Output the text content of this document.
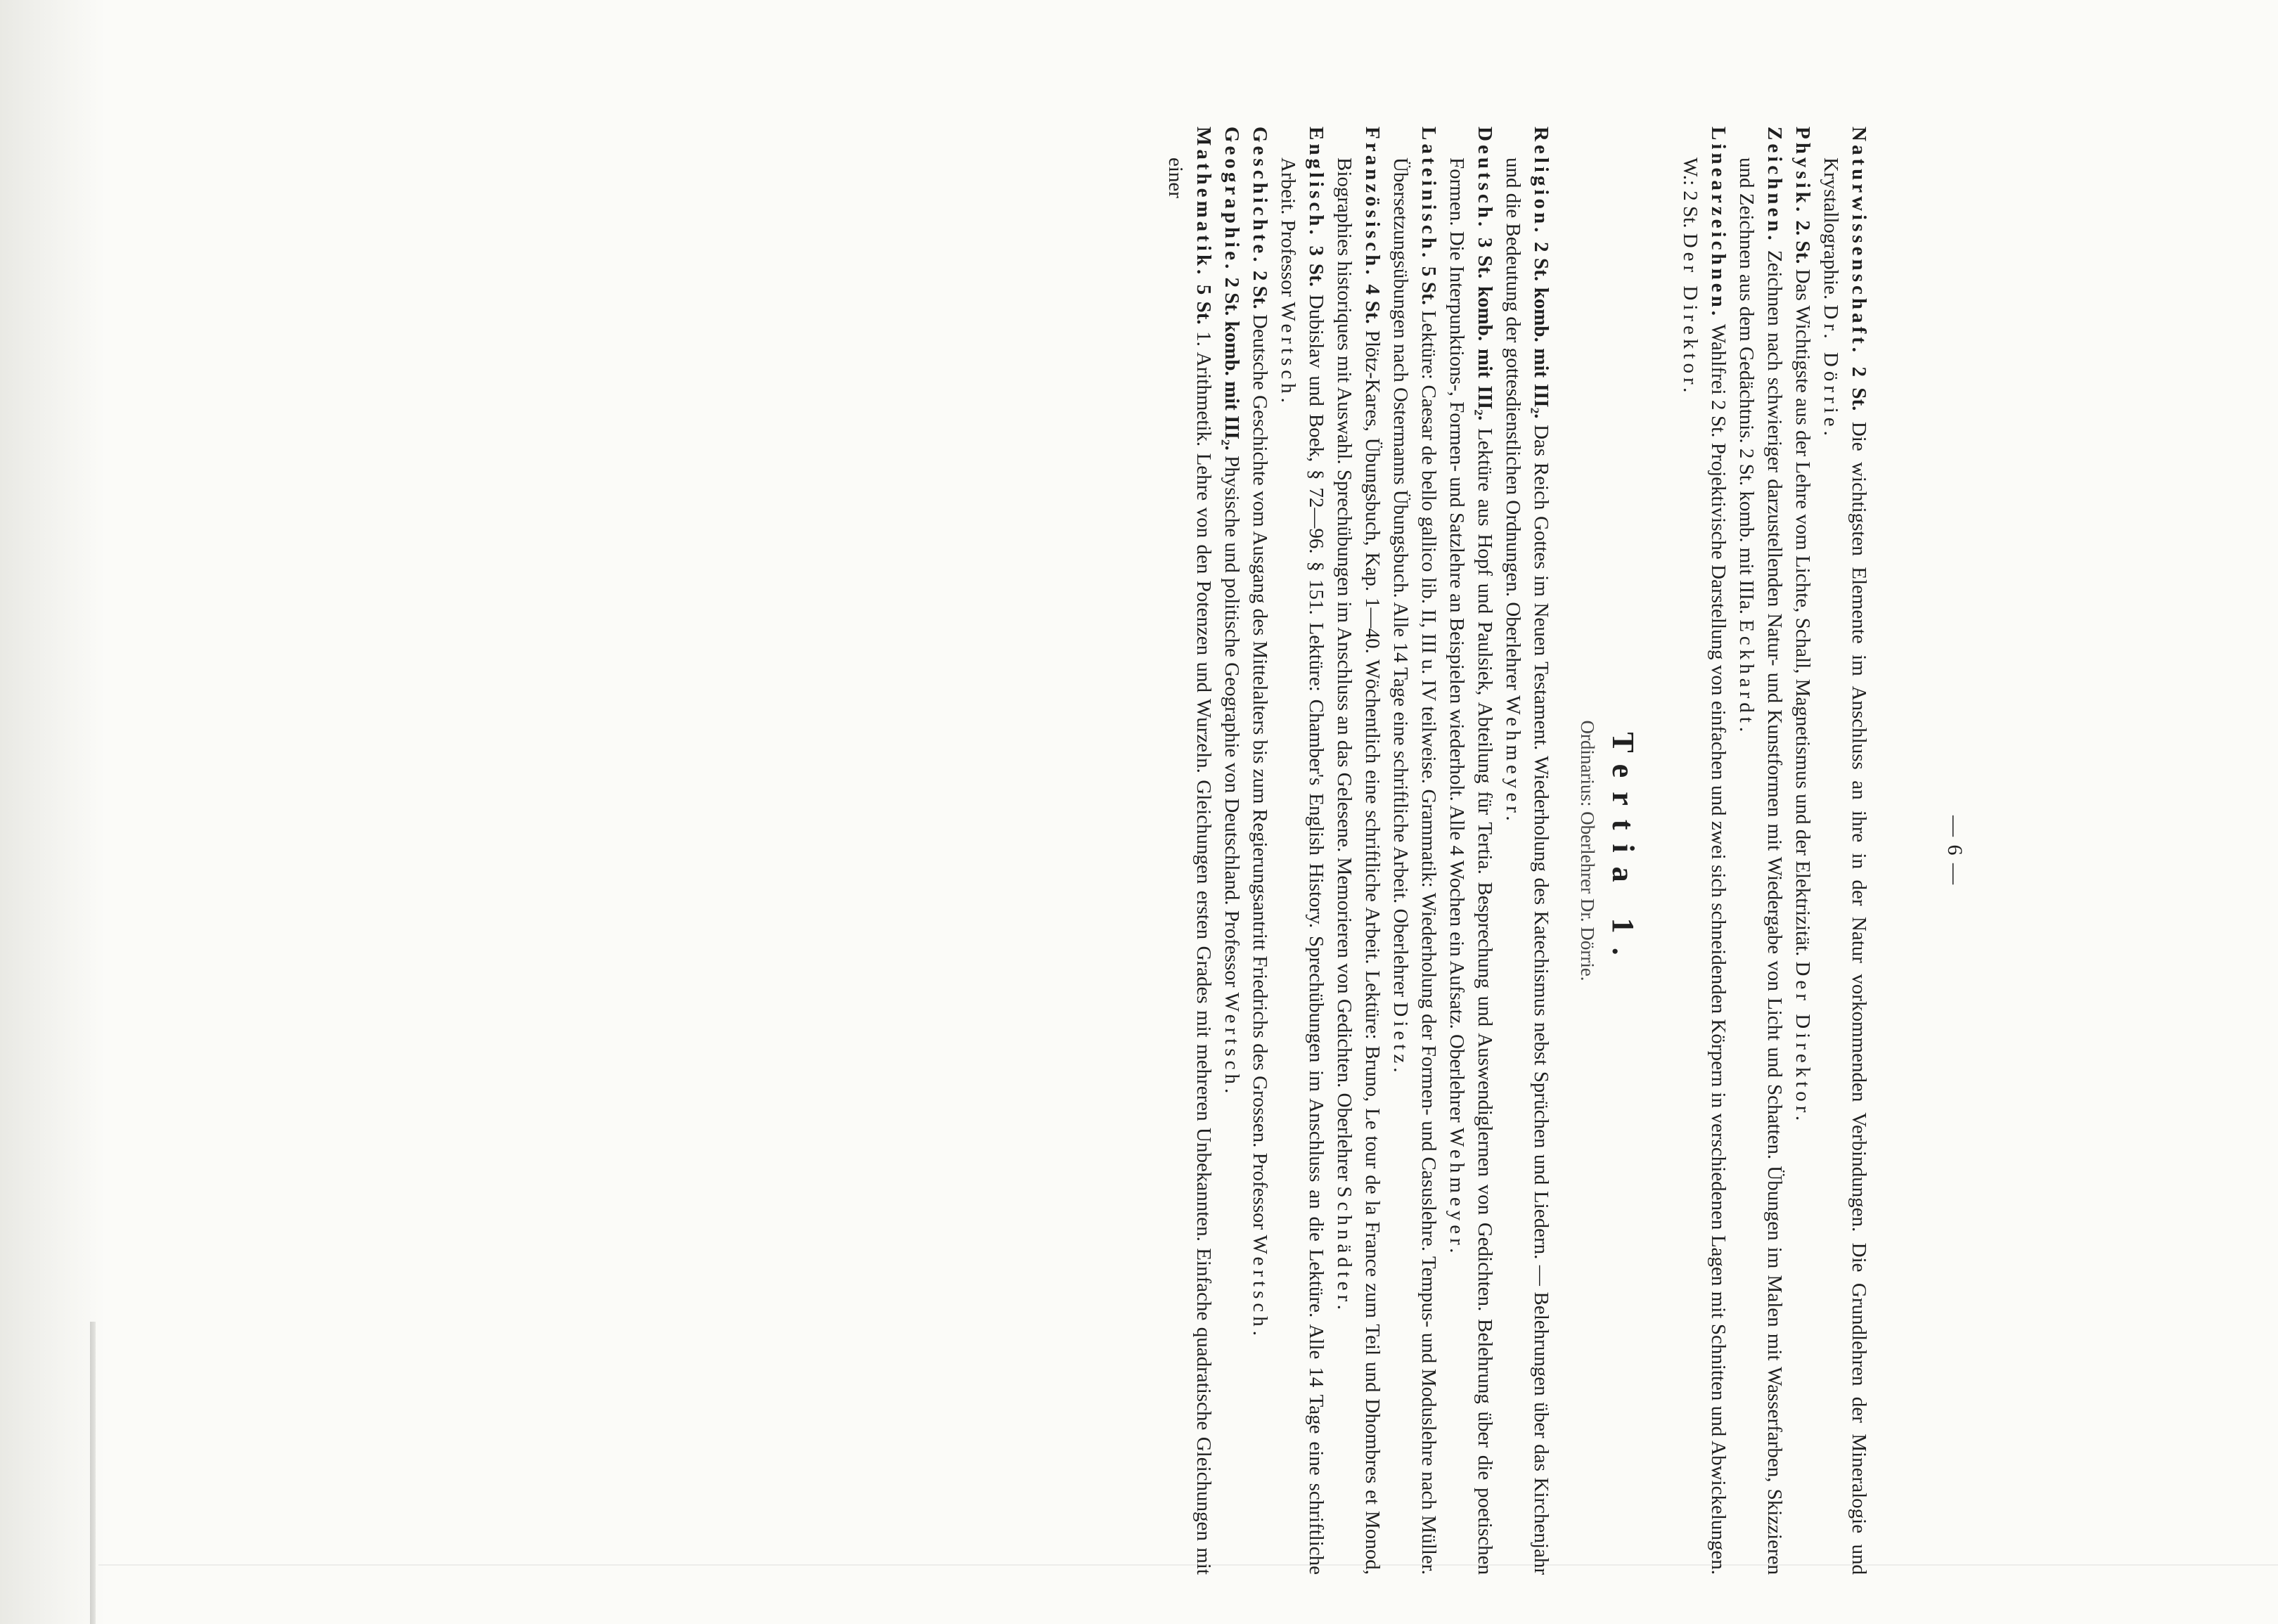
— 6 —

Naturwissenschaft. 2 St. Die wichtigsten Elemente im Anschluss an ihre in der Natur vorkommenden Verbindungen. Die Grundlehren der Mineralogie und Krystallographie. Dr. Dörrie.

Physik. 2. St. Das Wichtigste aus der Lehre vom Lichte, Schall, Magnetismus und der Elektrizität. Der Direktor.

Zeichnen. Zeichnen nach schwieriger darzustellenden Natur- und Kunstformen mit Wiedergabe von Licht und Schatten. Übungen im Malen mit Wasserfarben, Skizzieren und Zeichnen aus dem Gedächtnis. 2 St. komb. mit IIIa. Eckhardt.

Linearzeichnen. Wahlfrei 2 St. Projektivische Darstellung von einfachen und zwei sich schneidenden Körpern in verschiedenen Lagen mit Schnitten und Abwickelungen. W.: 2 St. Der Direktor.

Tertia 1.
Ordinarius: Oberlehrer Dr. Dörrie.

Religion. 2 St. komb. mit III₂. Das Reich Gottes im Neuen Testament. Wiederholung des Katechismus nebst Sprüchen und Liedern. — Belehrungen über das Kirchenjahr und die Bedeutung der gottesdienstlichen Ordnungen. Oberlehrer Wehmeyer.

Deutsch. 3 St. komb. mit III₂. Lektüre aus Hopf und Paulsiek, Abteilung für Tertia. Besprechung und Auswendiglernen von Gedichten. Belehrung über die poetischen Formen. Die Interpunktions-, Formen- und Satzlehre an Beispielen wiederholt. Alle 4 Wochen ein Aufsatz. Oberlehrer Wehmeyer.

Lateinisch. 5 St. Lektüre: Caesar de bello gallico lib. II, III u. IV teilweise. Grammatik: Wiederholung der Formen- und Casuslehre. Tempus- und Moduslehre nach Müller. Übersetzungsübungen nach Ostermanns Übungsbuch. Alle 14 Tage eine schriftliche Arbeit. Oberlehrer Dietz.

Französisch. 4 St. Plötz-Kares, Übungsbuch, Kap. 1—40. Wöchentlich eine schriftliche Arbeit. Lektüre: Bruno, Le tour de la France zum Teil und Dhombres et Monod, Biographies historiques mit Auswahl. Sprechübungen im Anschluss an das Gelesene. Memorieren von Gedichten. Oberlehrer Schnädter.

Englisch. 3 St. Dubislav und Boek, § 72—96. § 151. Lektüre: Chamber's English History. Sprechübungen im Anschluss an die Lektüre. Alle 14 Tage eine schriftliche Arbeit. Professor Wertsch.

Geschichte. 2 St. Deutsche Geschichte vom Ausgang des Mittelalters bis zum Regierungsantritt Friedrichs des Grossen. Professor Wertsch.

Geographie. 2 St. komb. mit III₂. Physische und politische Geographie von Deutschland. Professor Wertsch.

Mathematik. 5 St. 1. Arithmetik. Lehre von den Potenzen und Wurzeln. Gleichungen ersten Grades mit mehreren Unbekannten. Einfache quadratische Gleichungen mit einer
